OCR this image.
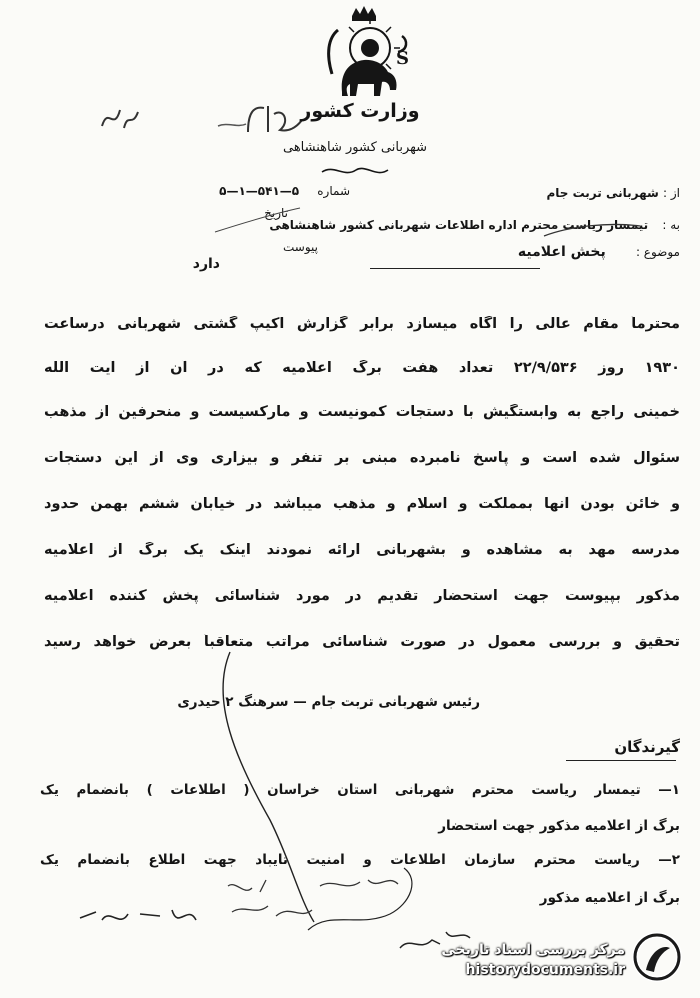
S
وزارت کشور
شهربانی کشور شاهنشاهی
شماره ۵—۵۴۱—۱—۵	از : شهربانی تربت جام
به : تیمسار ریاست محترم اداره اطلاعات شهربانی کشور شاهنشاهی
تاریخ
پیوست
دارد
موضوع : پخش اعلامیه
محترماً مقام عالی را آگاه میسازد برابر گزارش اکیپ گشتی شهربانی درساعت
۱۹۳۰ روز ۲۲/۹/۵۳۶ تعداد هفت برگ اعلامیه که در آن از آیت الله
خمینی راجع به وابستگیش با دستجات کمونیست و مارکسیست و منحرفین از مذهب
سئوال شده است و پاسخ نامبرده مبنی بر تنفر و بیزاری وی از این دستجات
و خائن بودن آنها بمملکت و اسلام و مذهب میباشد در خیابان ششم بهمن حدود
مدرسه مهد به مشاهده و بشهربانی ارائه نمودند اینک یک برگ از اعلامیه
مذکور بپیوست جهت استحضار تقدیم در مورد شناسائی پخش کننده اعلامیه
تحقیق و بررسی معمول در صورت شناسائی مراتب متعاقباً بعرض خواهد رسید
رئیس شهربانی تربت جام — سرهنگ ۲ حیدری
گیرندگان
۱— تیمسار ریاست محترم شهربانی استان خراسان ( اطلاعات ) بانضمام یک
برگ از اعلامیه مذکور جهت استحضار
۲— ریاست محترم سازمان اطلاعات و امنیت تایباد جهت اطلاع بانضمام یک
برگ از اعلامیه مذکور
مرکز بررسی اسناد تاریخی
historydocuments.ir
